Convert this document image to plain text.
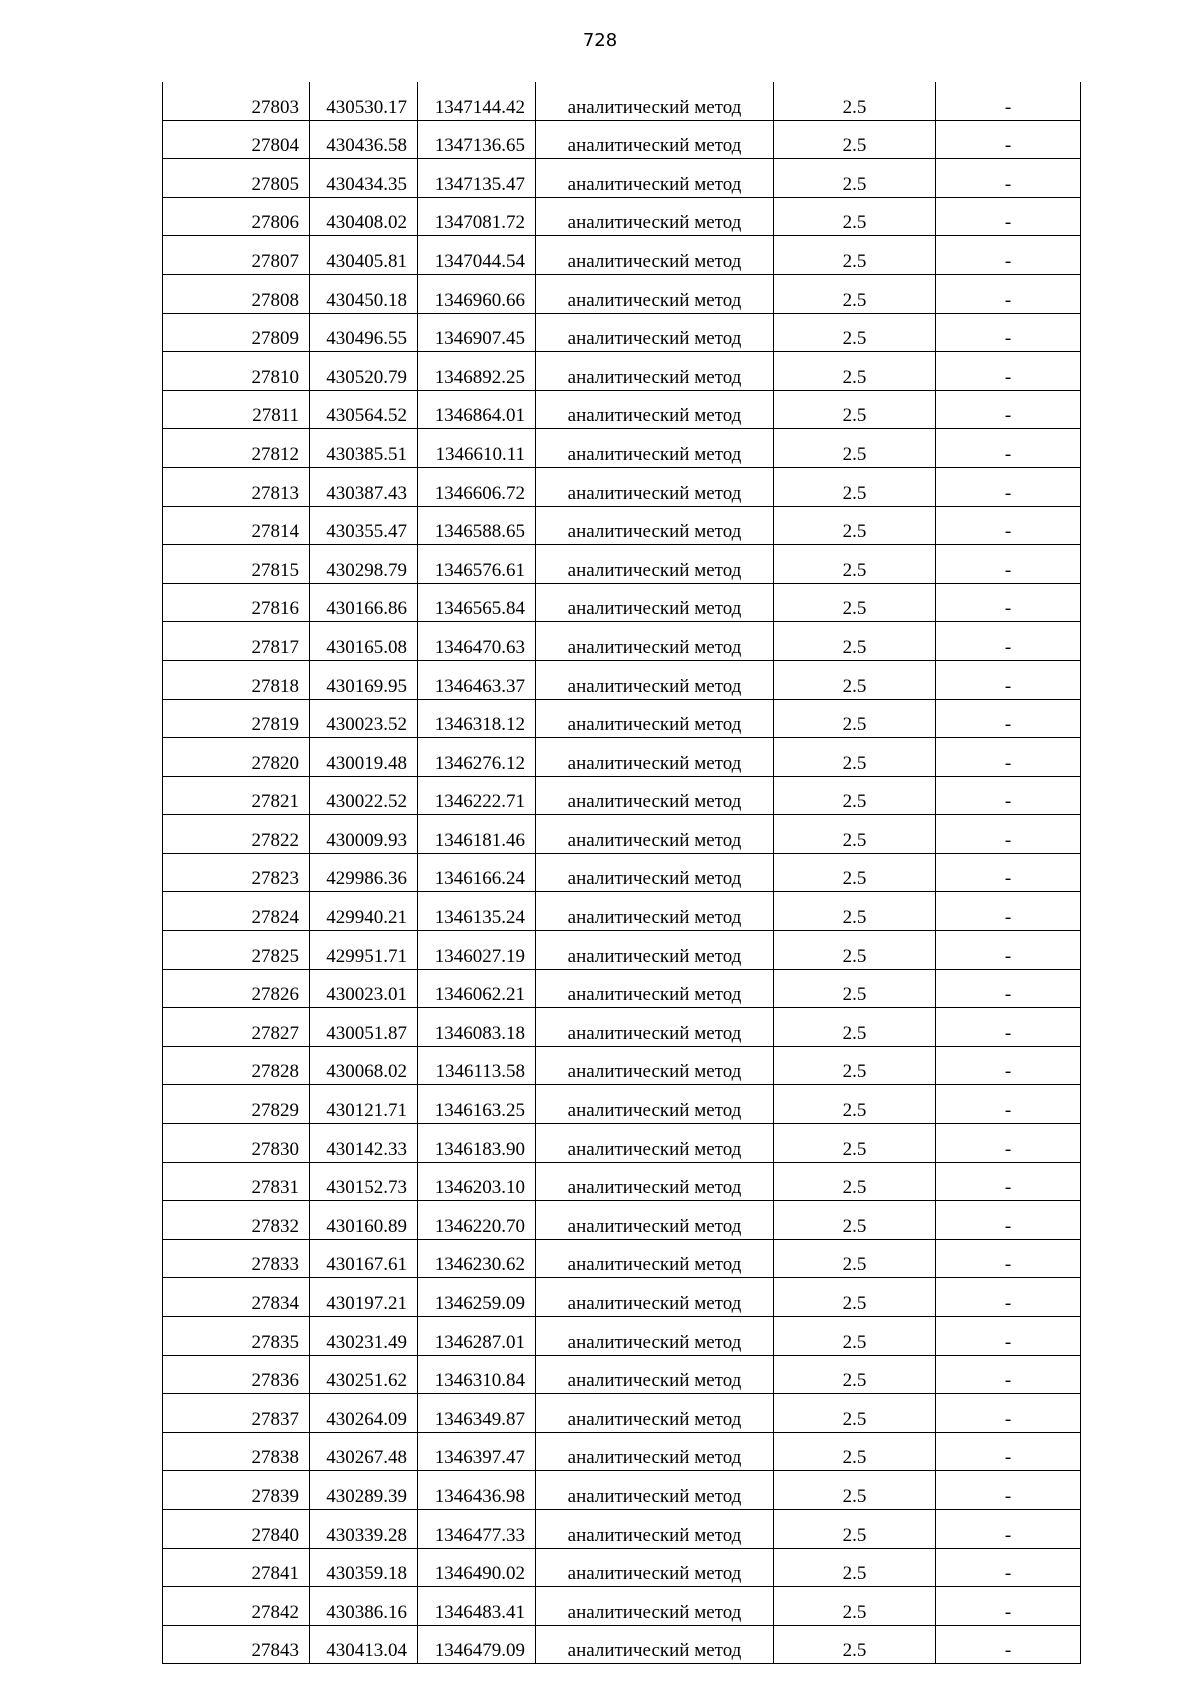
728
27803	430530.17	1347144.42	аналитический метод	2.5	-
27804	430436.58	1347136.65	аналитический метод	2.5	-
27805	430434.35	1347135.47	аналитический метод	2.5	-
27806	430408.02	1347081.72	аналитический метод	2.5	-
27807	430405.81	1347044.54	аналитический метод	2.5	-
27808	430450.18	1346960.66	аналитический метод	2.5	-
27809	430496.55	1346907.45	аналитический метод	2.5	-
27810	430520.79	1346892.25	аналитический метод	2.5	-
27811	430564.52	1346864.01	аналитический метод	2.5	-
27812	430385.51	1346610.11	аналитический метод	2.5	-
27813	430387.43	1346606.72	аналитический метод	2.5	-
27814	430355.47	1346588.65	аналитический метод	2.5	-
27815	430298.79	1346576.61	аналитический метод	2.5	-
27816	430166.86	1346565.84	аналитический метод	2.5	-
27817	430165.08	1346470.63	аналитический метод	2.5	-
27818	430169.95	1346463.37	аналитический метод	2.5	-
27819	430023.52	1346318.12	аналитический метод	2.5	-
27820	430019.48	1346276.12	аналитический метод	2.5	-
27821	430022.52	1346222.71	аналитический метод	2.5	-
27822	430009.93	1346181.46	аналитический метод	2.5	-
27823	429986.36	1346166.24	аналитический метод	2.5	-
27824	429940.21	1346135.24	аналитический метод	2.5	-
27825	429951.71	1346027.19	аналитический метод	2.5	-
27826	430023.01	1346062.21	аналитический метод	2.5	-
27827	430051.87	1346083.18	аналитический метод	2.5	-
27828	430068.02	1346113.58	аналитический метод	2.5	-
27829	430121.71	1346163.25	аналитический метод	2.5	-
27830	430142.33	1346183.90	аналитический метод	2.5	-
27831	430152.73	1346203.10	аналитический метод	2.5	-
27832	430160.89	1346220.70	аналитический метод	2.5	-
27833	430167.61	1346230.62	аналитический метод	2.5	-
27834	430197.21	1346259.09	аналитический метод	2.5	-
27835	430231.49	1346287.01	аналитический метод	2.5	-
27836	430251.62	1346310.84	аналитический метод	2.5	-
27837	430264.09	1346349.87	аналитический метод	2.5	-
27838	430267.48	1346397.47	аналитический метод	2.5	-
27839	430289.39	1346436.98	аналитический метод	2.5	-
27840	430339.28	1346477.33	аналитический метод	2.5	-
27841	430359.18	1346490.02	аналитический метод	2.5	-
27842	430386.16	1346483.41	аналитический метод	2.5	-
27843	430413.04	1346479.09	аналитический метод	2.5	-
